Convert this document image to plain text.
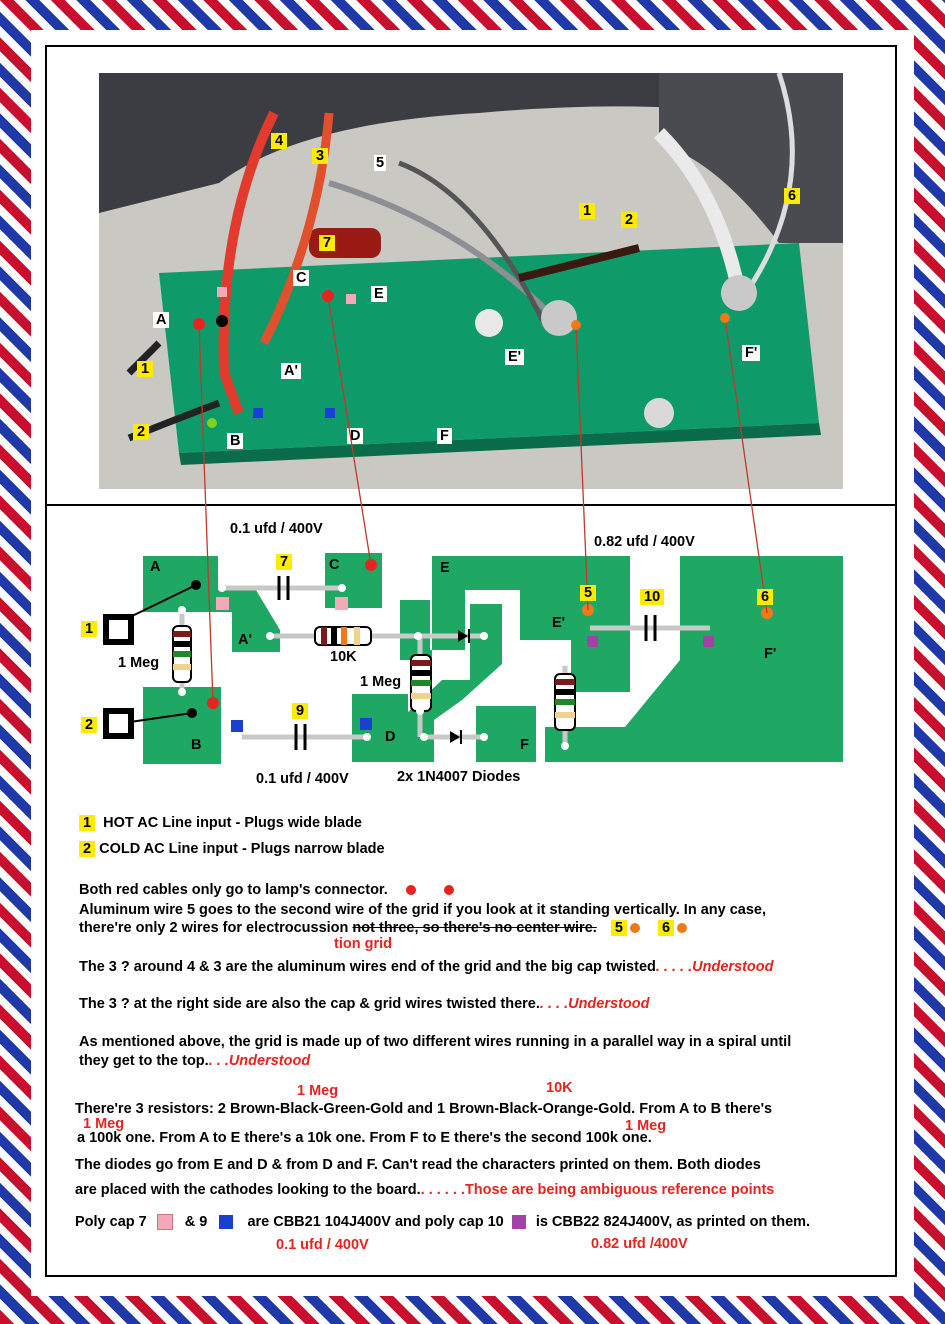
4
3	5
7
1
2
6
1
2
A
C
E
A'
E'	F'
B	D	F
0.1 ufd / 400V
0.82 ufd / 400V
0.1 ufd / 400V
7
10
9
A	C	E
A'
E'
F'
B	D	F
1
2
5	6
1 Meg	10K
1 Meg
2x 1N4007 Diodes
1 HOT AC Line input - Plugs wide blade
2 COLD AC Line input - Plugs narrow blade
Both red cables only go to lamp's connector.
Aluminum wire 5 goes to the second wire of the grid if you look at it standing vertically. In any case,
there're only 2 wires for electrocussion not three, so there's no center wire. 5	6
tion grid
The 3 ? around 4 & 3 are the aluminum wires end of the grid and the big cap twisted. . . . .Understood
The 3 ? at the right side are also the cap & grid wires twisted there.. . . .Understood
As mentioned above, the grid is made up of two different wires running in a parallel way in a spiral until
they get to the top.. . .Understood
1 Meg	10K
There're 3 resistors: 2 Brown-Black-Green-Gold and 1 Brown-Black-Orange-Gold. From A to B there's
1 Meg	1 Meg
a 100k one. From A to E there's a 10k one. From F to E there's the second 100k one.
The diodes go from E and D & from D and F. Can't read the characters printed on them. Both diodes
are placed with the cathodes looking to the board.. . . . . .Those are being ambiguous reference points
Poly cap 7	& 9	are CBB21 104J400V and poly cap 10 is CBB22 824J400V, as printed on them.
0.1 ufd / 400V	0.82 ufd /400V
